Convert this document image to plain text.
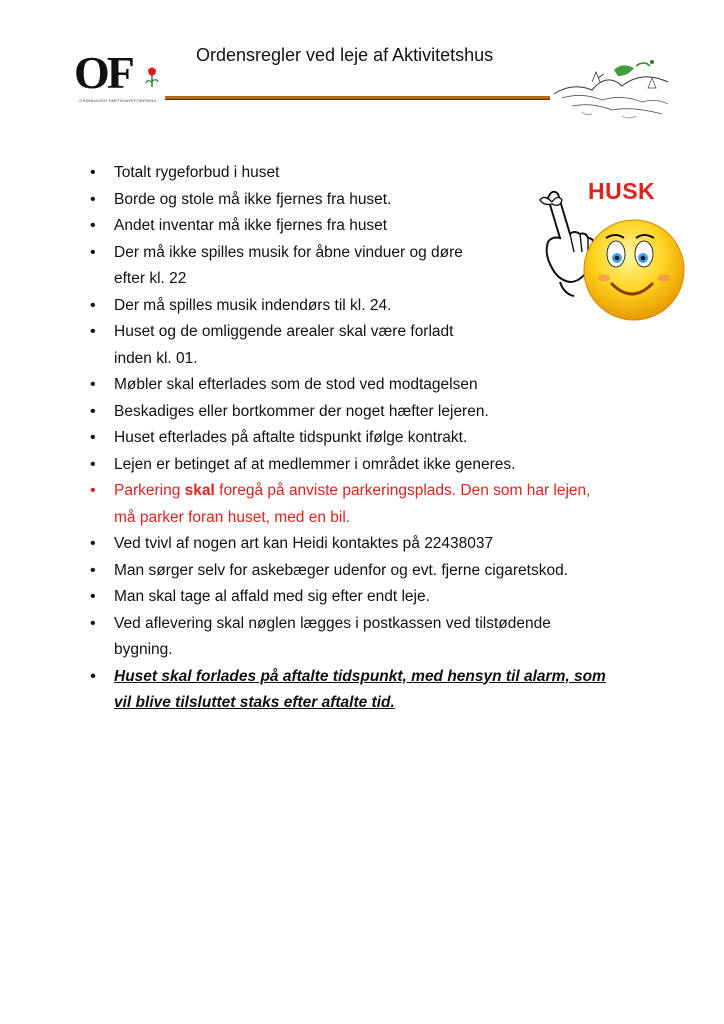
OF
GRØNDAGER PARTSHAVEFORENING
Ordensregler ved leje af Aktivitetshus
HUSK
• Totalt rygeforbud i huset
• Borde og stole må ikke fjernes fra huset.
• Andet inventar må ikke fjernes fra huset
• Der må ikke spilles musik for åbne vinduer og døre
efter kl. 22
• Der må spilles musik indendørs til kl. 24.
• Huset og de omliggende arealer skal være forladt
inden kl. 01.
• Møbler skal efterlades som de stod ved modtagelsen
• Beskadiges eller bortkommer der noget hæfter lejeren.
• Huset efterlades på aftalte tidspunkt ifølge kontrakt.
• Lejen er betinget af at medlemmer i området ikke generes.
• Parkering skal foregå på anviste parkeringsplads. Den som har lejen,
må parker foran huset, med en bil.
• Ved tvivl af nogen art kan Heidi kontaktes på 22438037
• Man sørger selv for askebæger udenfor og evt. fjerne cigaretskod.
• Man skal tage al affald med sig efter endt leje.
• Ved aflevering skal nøglen lægges i postkassen ved tilstødende
bygning.
• Huset skal forlades på aftalte tidspunkt, med hensyn til alarm, som
vil blive tilsluttet staks efter aftalte tid.
